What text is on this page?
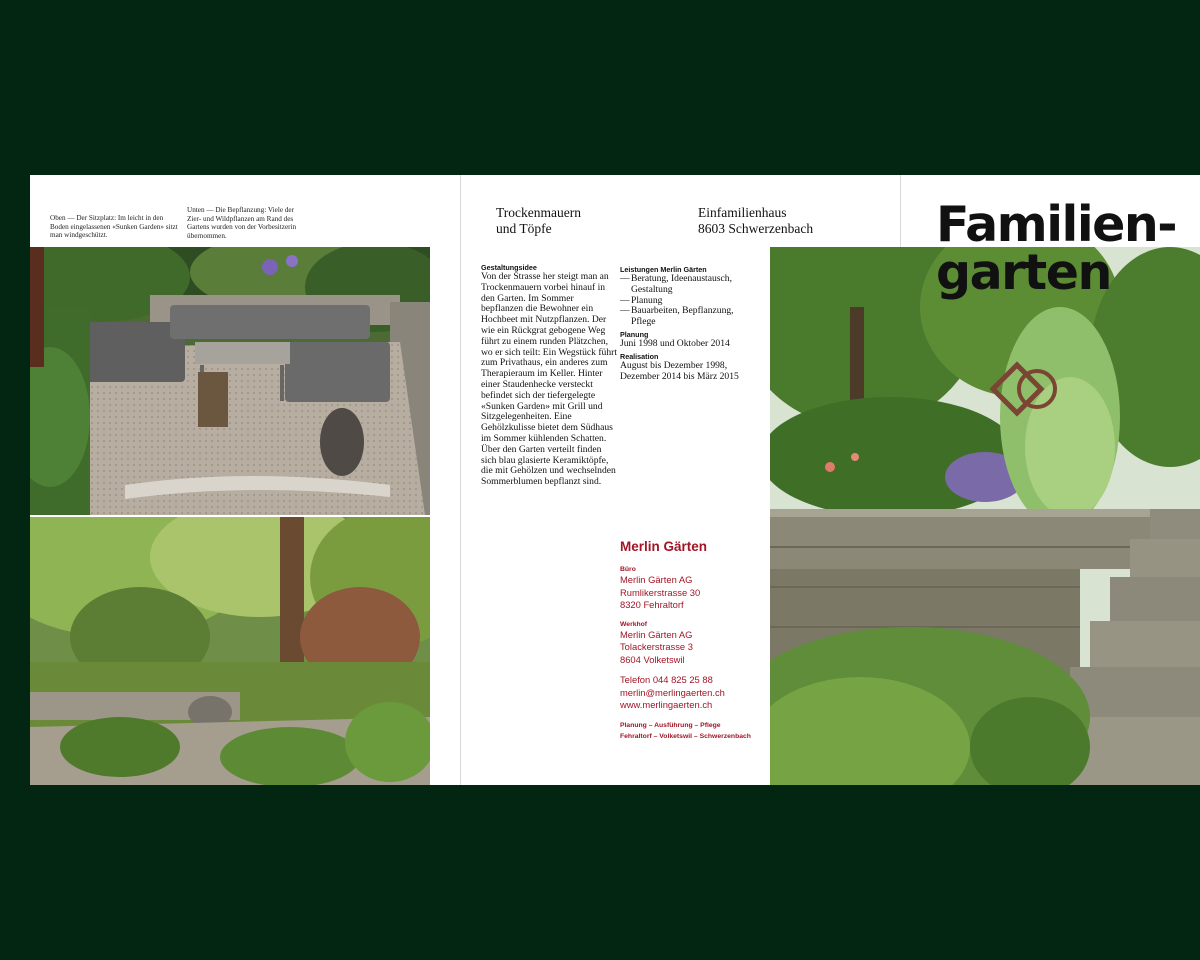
Oben — Der Sitzplatz: Im leicht in den Boden eingelassenen «Sunken Garden» sitzt man windgeschützt.
Unten — Die Bepflanzung: Viele der Zier- und Wildpflanzen am Rand des Gartens wurden von der Vorbesitzerin übernommen.
Trockenmauern
und Töpfe
Einfamilienhaus
8603 Schwerzenbach
Gestaltungsidee

Von der Strasse her steigt man an Trockenmauern vorbei hinauf in den Garten. Im Sommer bepflanzen die Bewohner ein Hochbeet mit Nutzpflanzen. Der wie ein Rückgrat gebogene Weg führt zu einem runden Plätzchen, wo er sich teilt: Ein Wegstück führt zum Privathaus, ein anderes zum Therapieraum im Keller. Hinter einer Staudenhecke versteckt befindet sich der tiefergelegte «Sunken Garden» mit Grill und Sitzgelegenheiten. Eine Gehölzkulisse bietet dem Südhaus im Sommer kühlenden Schatten. Über den Garten verteilt finden sich blau glasierte Keramiktöpfe, die mit Gehölzen und wechselnden Sommerblumen bepflanzt sind.

Leistungen Merlin Gärten
— Beratung, Ideenaustausch, Gestaltung
— Planung
— Bauarbeiten, Bepflanzung, Pflege
Planung

Juni 1998 und Oktober 2014

Realisation

August bis Dezember 1998, Dezember 2014 bis März 2015

Merlin Gärten
Büro
Merlin Gärten AG
Rumlikerstrasse 30
8320 Fehraltorf
Werkhof
Merlin Gärten AG
Tolackerstrasse 3
8604 Volketswil
Telefon 044 825 25 88
merlin@merlingaerten.ch
www.merlingaerten.ch
Planung – Ausführung – Pflege
Fehraltorf – Volketswil – Schwerzenbach
Familien-
garten
